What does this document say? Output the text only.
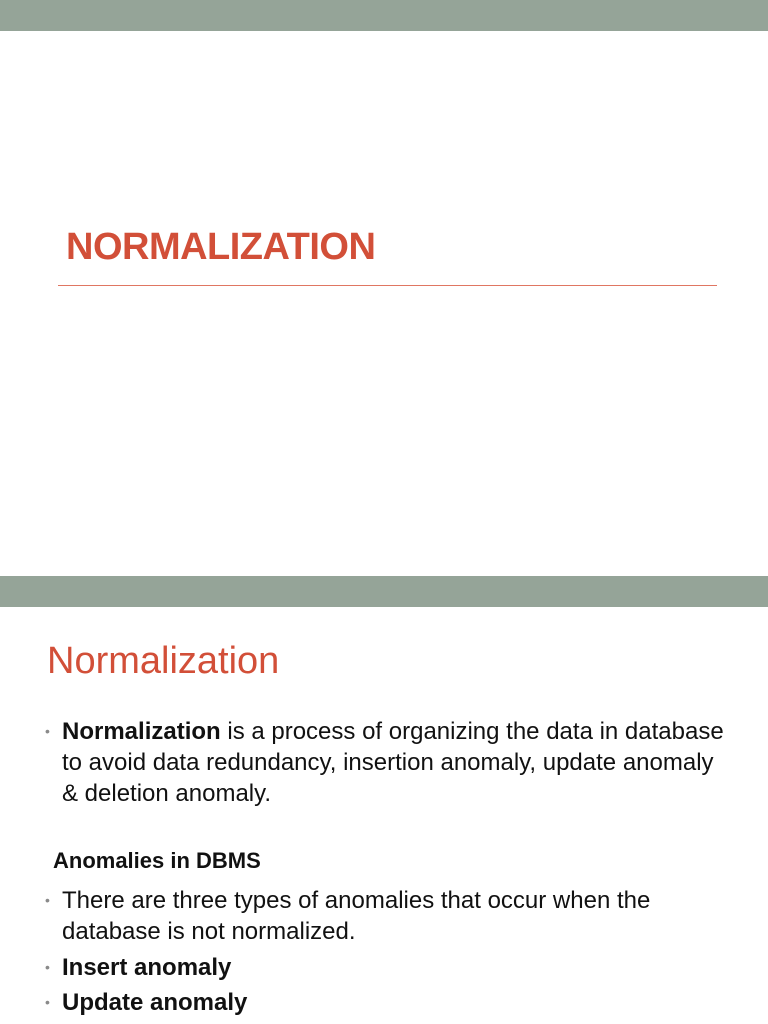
NORMALIZATION
Normalization
• Normalization is a process of organizing the data in database to avoid data redundancy, insertion anomaly, update anomaly & deletion anomaly.
Anomalies in DBMS
• There are three types of anomalies that occur when the database is not normalized.
• Insert anomaly
• Update anomaly
